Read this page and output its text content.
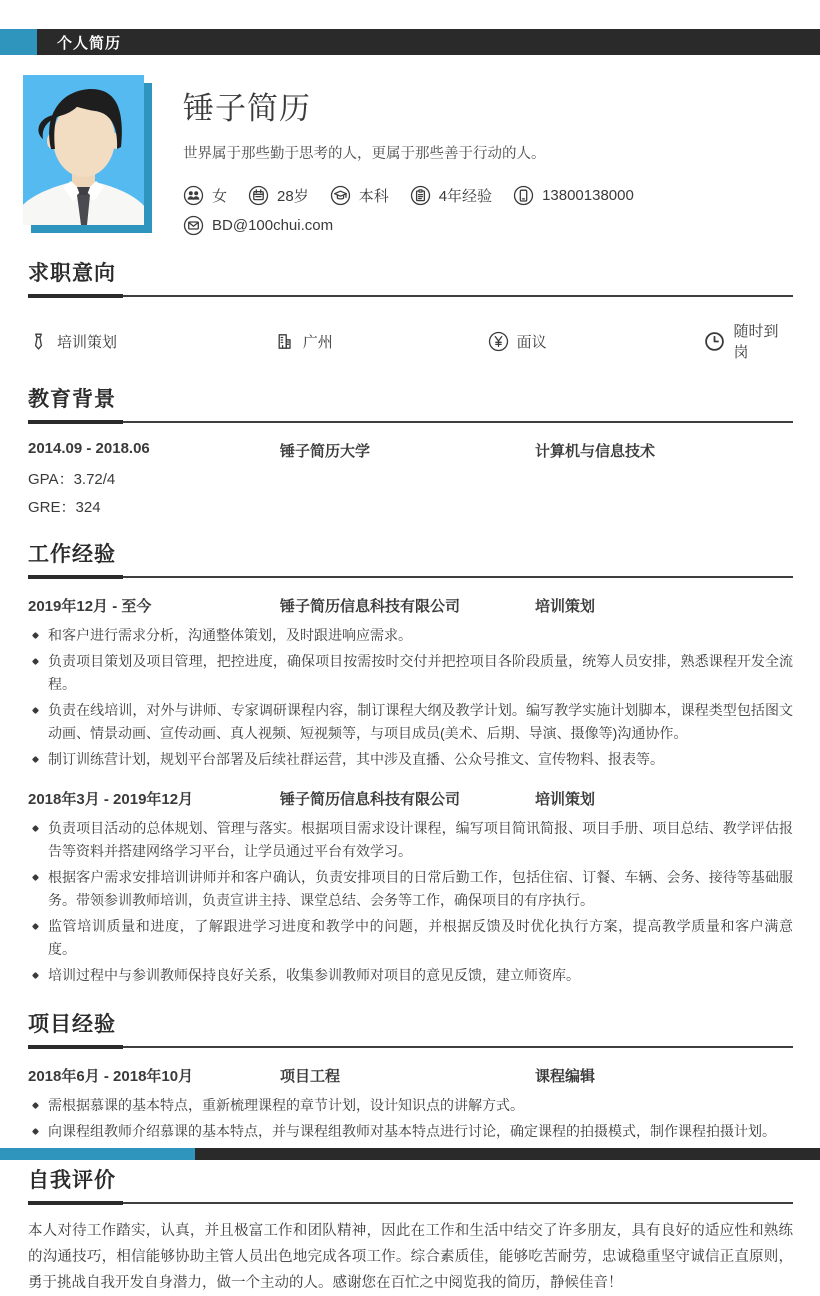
个人简历
锤子简历
世界属于那些勤于思考的人，更属于那些善于行动的人。
女	28岁	本科	4年经验	13800138000
BD@100chui.com
求职意向
培训策划	广州	面议
随时到岗
教育背景
2014.09 - 2018.06	锤子简历大学	计算机与信息技术
GPA：3.72/4
GRE：324
工作经验
2019年12月 - 至今	锤子简历信息科技有限公司	培训策划
和客户进行需求分析，沟通整体策划，及时跟进响应需求。
负责项目策划及项目管理，把控进度，确保项目按需按时交付并把控项目各阶段质量，统筹人员安排，熟悉课程开发全流程。
负责在线培训，对外与讲师、专家调研课程内容，制订课程大纲及教学计划。编写教学实施计划脚本，课程类型包括图文动画、情景动画、宣传动画、真人视频、短视频等，与项目成员(美术、后期、导演、摄像等)沟通协作。
制订训练营计划，规划平台部署及后续社群运营，其中涉及直播、公众号推文、宣传物料、报表等。
2018年3月 - 2019年12月	锤子简历信息科技有限公司	培训策划
负责项目活动的总体规划、管理与落实。根据项目需求设计课程，编写项目简讯简报、项目手册、项目总结、教学评估报告等资料并搭建网络学习平台，让学员通过平台有效学习。
根据客户需求安排培训讲师并和客户确认，负责安排项目的日常后勤工作，包括住宿、订餐、车辆、会务、接待等基础服务。带领参训教师培训，负责宣讲主持、课堂总结、会务等工作，确保项目的有序执行。
监管培训质量和进度，了解跟进学习进度和教学中的问题，并根据反馈及时优化执行方案，提高教学质量和客户满意　度。
培训过程中与参训教师保持良好关系，收集参训教师对项目的意见反馈，建立师资库。
项目经验
2018年6月 - 2018年10月	项目工程	课程编辑
需根据慕课的基本特点，重新梳理课程的章节计划，设计知识点的讲解方式。
向课程组教师介绍慕课的基本特点，并与课程组教师对基本特点进行讨论，确定课程的拍摄模式，制作课程拍摄计划。
自我评价
本人对待工作踏实，认真，并且极富工作和团队精神，因此在工作和生活中结交了许多朋友，具有良好的适应性和熟练的沟通技巧，相信能够协助主管人员出色地完成各项工作。综合素质佳，能够吃苦耐劳，忠诚稳重坚守诚信正直原则，勇于挑战自我开发自身潜力，做一个主动的人。感谢您在百忙之中阅览我的简历，静候佳音！
